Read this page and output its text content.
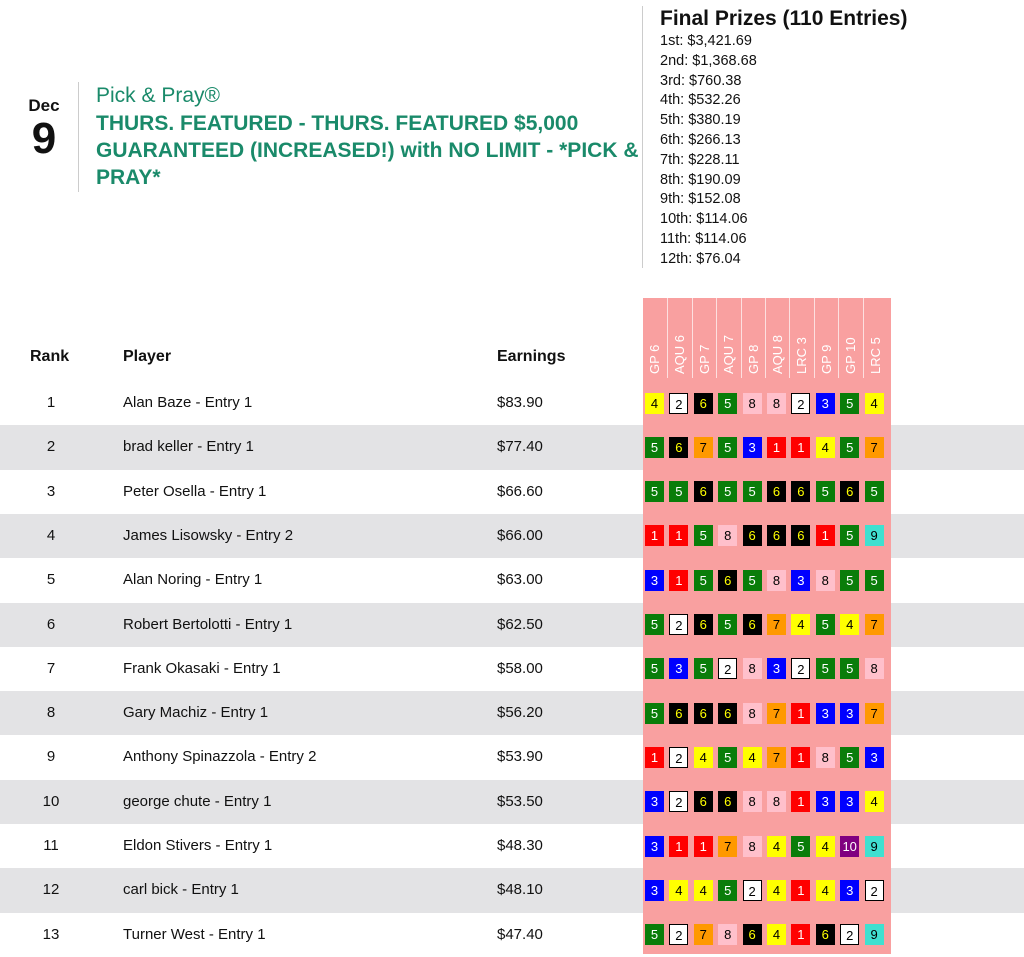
Dec
9
Pick & Pray®
THURS. FEATURED - THURS. FEATURED $5,000 GUARANTEED (INCREASED!) with NO LIMIT - *PICK & PRAY*
Final Prizes (110 Entries)
1st: $3,421.69
2nd: $1,368.68
3rd: $760.38
4th: $532.26
5th: $380.19
6th: $266.13
7th: $228.11
8th: $190.09
9th: $152.08
10th: $114.06
11th: $114.06
12th: $76.04
Rank	Player	Earnings
1	Alan Baze - Entry 1	$83.90
2	brad keller - Entry 1	$77.40
3	Peter Osella - Entry 1	$66.60
4	James Lisowsky - Entry 2	$66.00
5	Alan Noring - Entry 1	$63.00
6	Robert Bertolotti - Entry 1	$62.50
7	Frank Okasaki - Entry 1	$58.00
8	Gary Machiz - Entry 1	$56.20
9	Anthony Spinazzola - Entry 2	$53.90
10	george chute - Entry 1	$53.50
11	Eldon Stivers - Entry 1	$48.30
12	carl bick - Entry 1	$48.10
13	Turner West - Entry 1	$47.40
GP 6 AQU 6 GP 7 AQU 7 GP 8 AQU 8 LRC 3 GP 9 GP 10 LRC 5
4	2	6	5	8	8	2	3	5	4
5	6	7	5	3	1	1	4	5	7
5	5	6	5	5	6	6	5	6	5
1	1	5	8	6	6	6	1	5	9
3	1	5	6	5	8	3	8	5	5
5	2	6	5	6	7	4	5	4	7
5	3	5	2	8	3	2	5	5	8
5	6	6	6	8	7	1	3	3	7
1	2	4	5	4	7	1	8	5	3
3	2	6	6	8	8	1	3	3	4
3	1	1	7	8	4	5	4	10	9
3	4	4	5	2	4	1	4	3	2
5	2	7	8	6	4	1	6	2	9
